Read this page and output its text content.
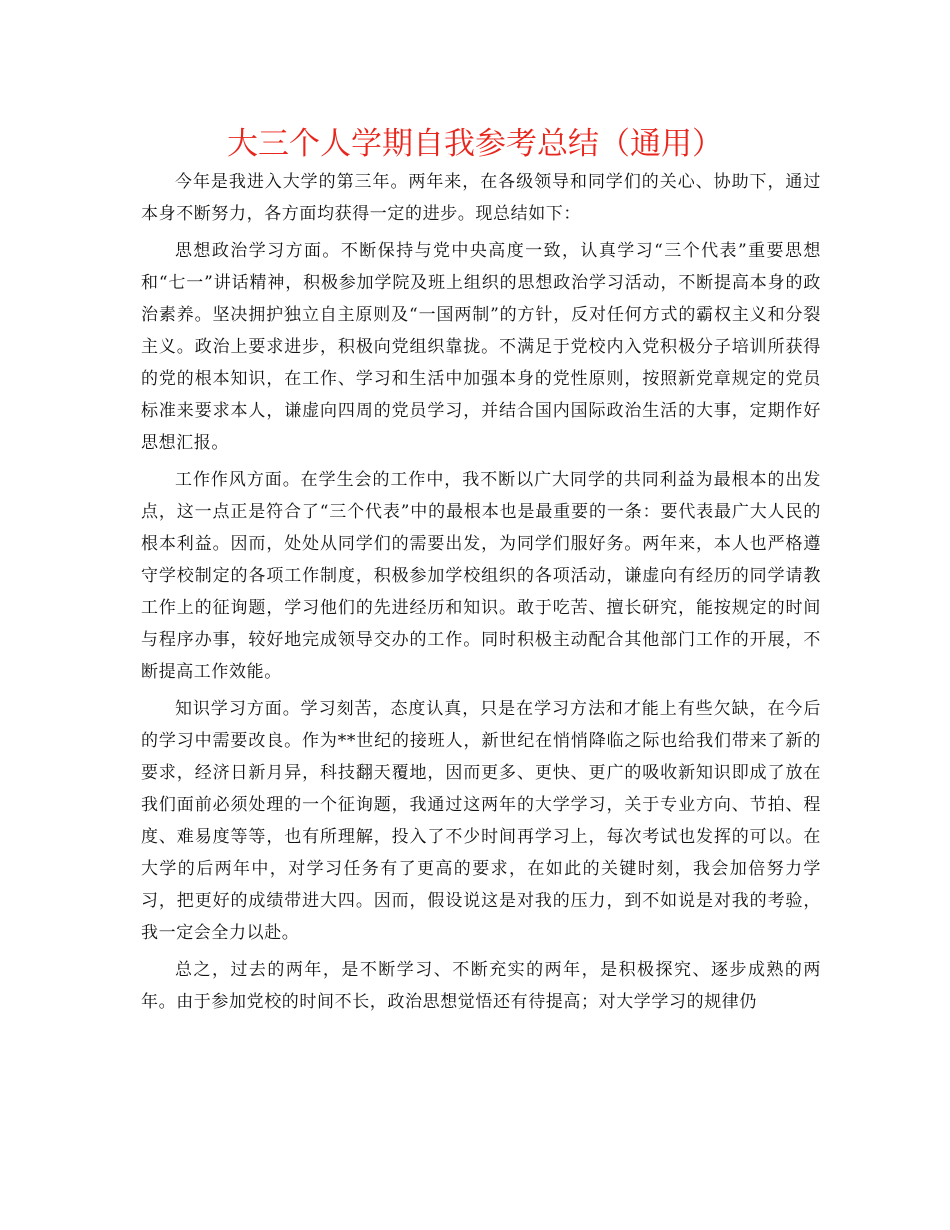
大三个人学期自我参考总结（通用）

今年是我进入大学的第三年。两年来，在各级领导和同学们的关心、协助下，通过本身不断努力，各方面均获得一定的进步。现总结如下：

思想政治学习方面。不断保持与党中央高度一致，认真学习“三个代表”重要思想和“七一”讲话精神，积极参加学院及班上组织的思想政治学习活动，不断提高本身的政治素养。坚决拥护独立自主原则及“一国两制”的方针，反对任何方式的霸权主义和分裂主义。政治上要求进步，积极向党组织靠拢。不满足于党校内入党积极分子培训所获得的党的根本知识，在工作、学习和生活中加强本身的党性原则，按照新党章规定的党员标准来要求本人，谦虚向四周的党员学习，并结合国内国际政治生活的大事，定期作好思想汇报。

工作作风方面。在学生会的工作中，我不断以广大同学的共同利益为最根本的出发点，这一点正是符合了“三个代表”中的最根本也是最重要的一条：要代表最广大人民的根本利益。因而，处处从同学们的需要出发，为同学们服好务。两年来，本人也严格遵守学校制定的各项工作制度，积极参加学校组织的各项活动，谦虚向有经历的同学请教工作上的征询题，学习他们的先进经历和知识。敢于吃苦、擅长研究，能按规定的时间与程序办事，较好地完成领导交办的工作。同时积极主动配合其他部门工作的开展，不断提高工作效能。

知识学习方面。学习刻苦，态度认真，只是在学习方法和才能上有些欠缺，在今后的学习中需要改良。作为**世纪的接班人，新世纪在悄悄降临之际也给我们带来了新的要求，经济日新月异，科技翻天覆地，因而更多、更快、更广的吸收新知识即成了放在我们面前必须处理的一个征询题，我通过这两年的大学学习，关于专业方向、节拍、程度、难易度等等，也有所理解，投入了不少时间再学习上，每次考试也发挥的可以。在大学的后两年中，对学习任务有了更高的要求，在如此的关键时刻，我会加倍努力学习，把更好的成绩带进大四。因而，假设说这是对我的压力，到不如说是对我的考验，我一定会全力以赴。

总之，过去的两年，是不断学习、不断充实的两年，是积极探究、逐步成熟的两年。由于参加党校的时间不长，政治思想觉悟还有待提高；对大学学习的规律仍
